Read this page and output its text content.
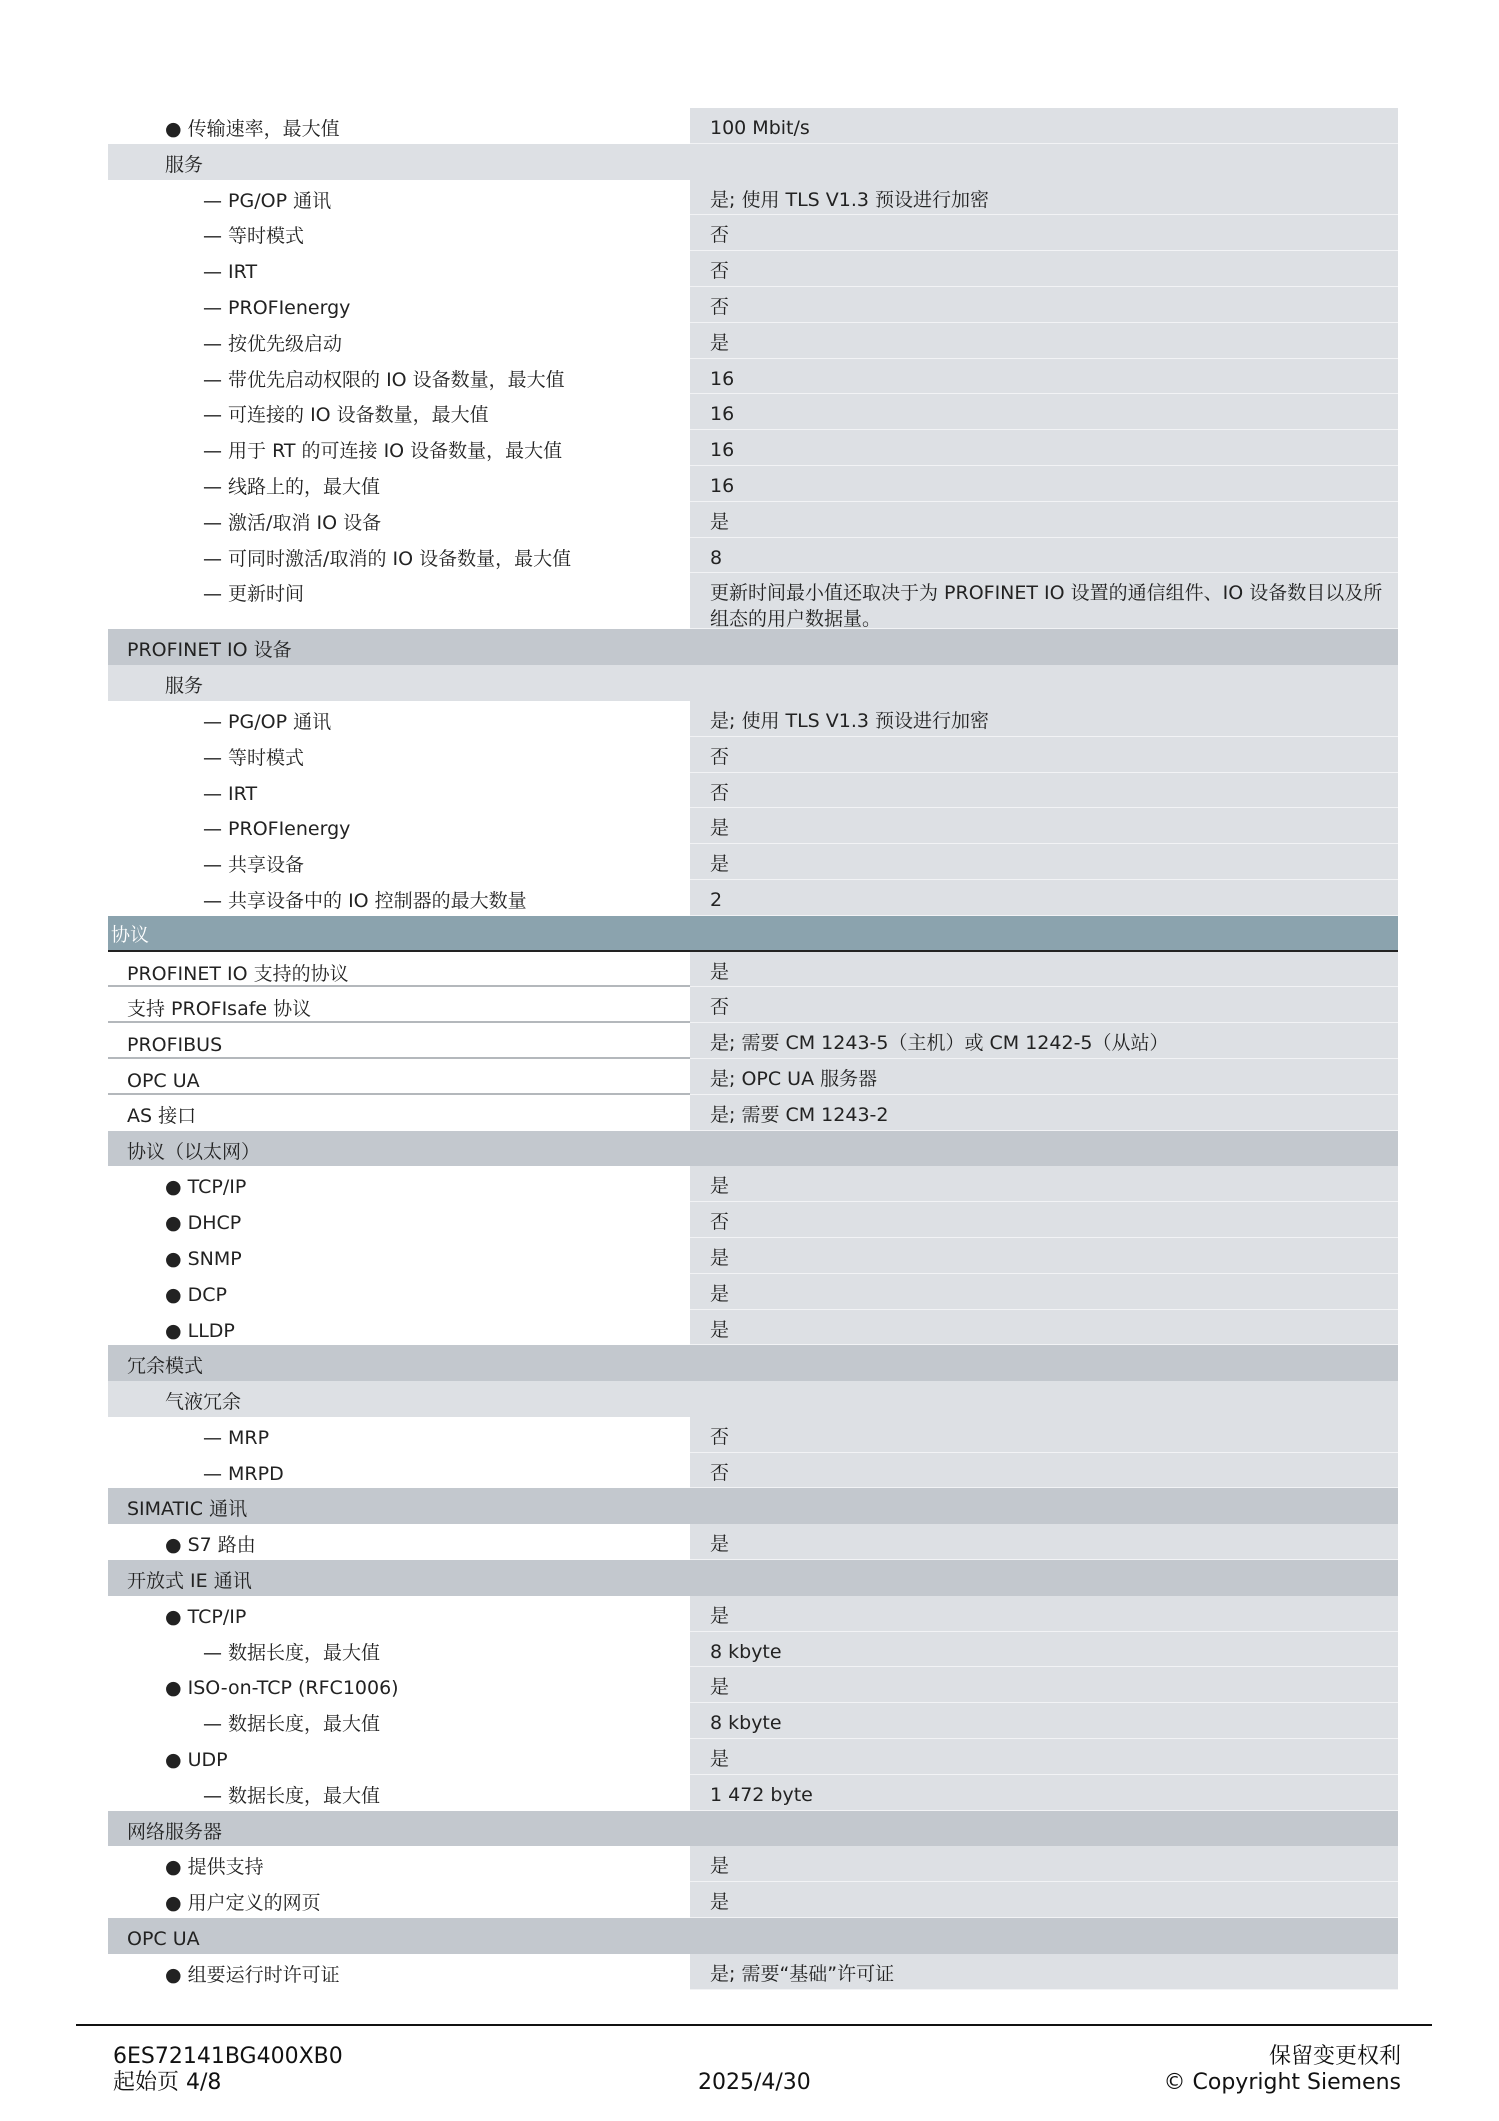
● 传输速率，最大值	100 Mbit/s
服务
— PG/OP 通讯	是; 使用 TLS V1.3 预设进行加密
— 等时模式	否
— IRT	否
— PROFIenergy	否
— 按优先级启动	是
— 带优先启动权限的 IO 设备数量，最大值	16
— 可连接的 IO 设备数量，最大值	16
— 用于 RT 的可连接 IO 设备数量，最大值	16
— 线路上的，最大值	16
— 激活/取消 IO 设备	是
— 可同时激活/取消的 IO 设备数量，最大值	8
— 更新时间	更新时间最小值还取决于为 PROFINET IO 设置的通信组件、IO 设备数目以及所组态的用户数据量。
PROFINET IO 设备
服务
— PG/OP 通讯	是; 使用 TLS V1.3 预设进行加密
— 等时模式	否
— IRT	否
— PROFIenergy	是
— 共享设备	是
— 共享设备中的 IO 控制器的最大数量	2
协议
PROFINET IO 支持的协议	是
支持 PROFIsafe 协议	否
PROFIBUS	是; 需要 CM 1243-5（主机）或 CM 1242-5（从站）
OPC UA	是; OPC UA 服务器
AS 接口	是; 需要 CM 1243-2
协议（以太网）
● TCP/IP	是
● DHCP	否
● SNMP	是
● DCP	是
● LLDP	是
冗余模式
气液冗余
— MRP	否
— MRPD	否
SIMATIC 通讯
● S7 路由	是
开放式 IE 通讯
● TCP/IP	是
— 数据长度，最大值	8 kbyte
● ISO-on-TCP (RFC1006)	是
— 数据长度，最大值	8 kbyte
● UDP	是
— 数据长度，最大值	1 472 byte
网络服务器
● 提供支持	是
● 用户定义的网页	是
OPC UA
● 组要运行时许可证	是; 需要“基础”许可证
6ES72141BG400XB0
起始页 4/8	2025/4/30
保留变更权利
© Copyright Siemens
